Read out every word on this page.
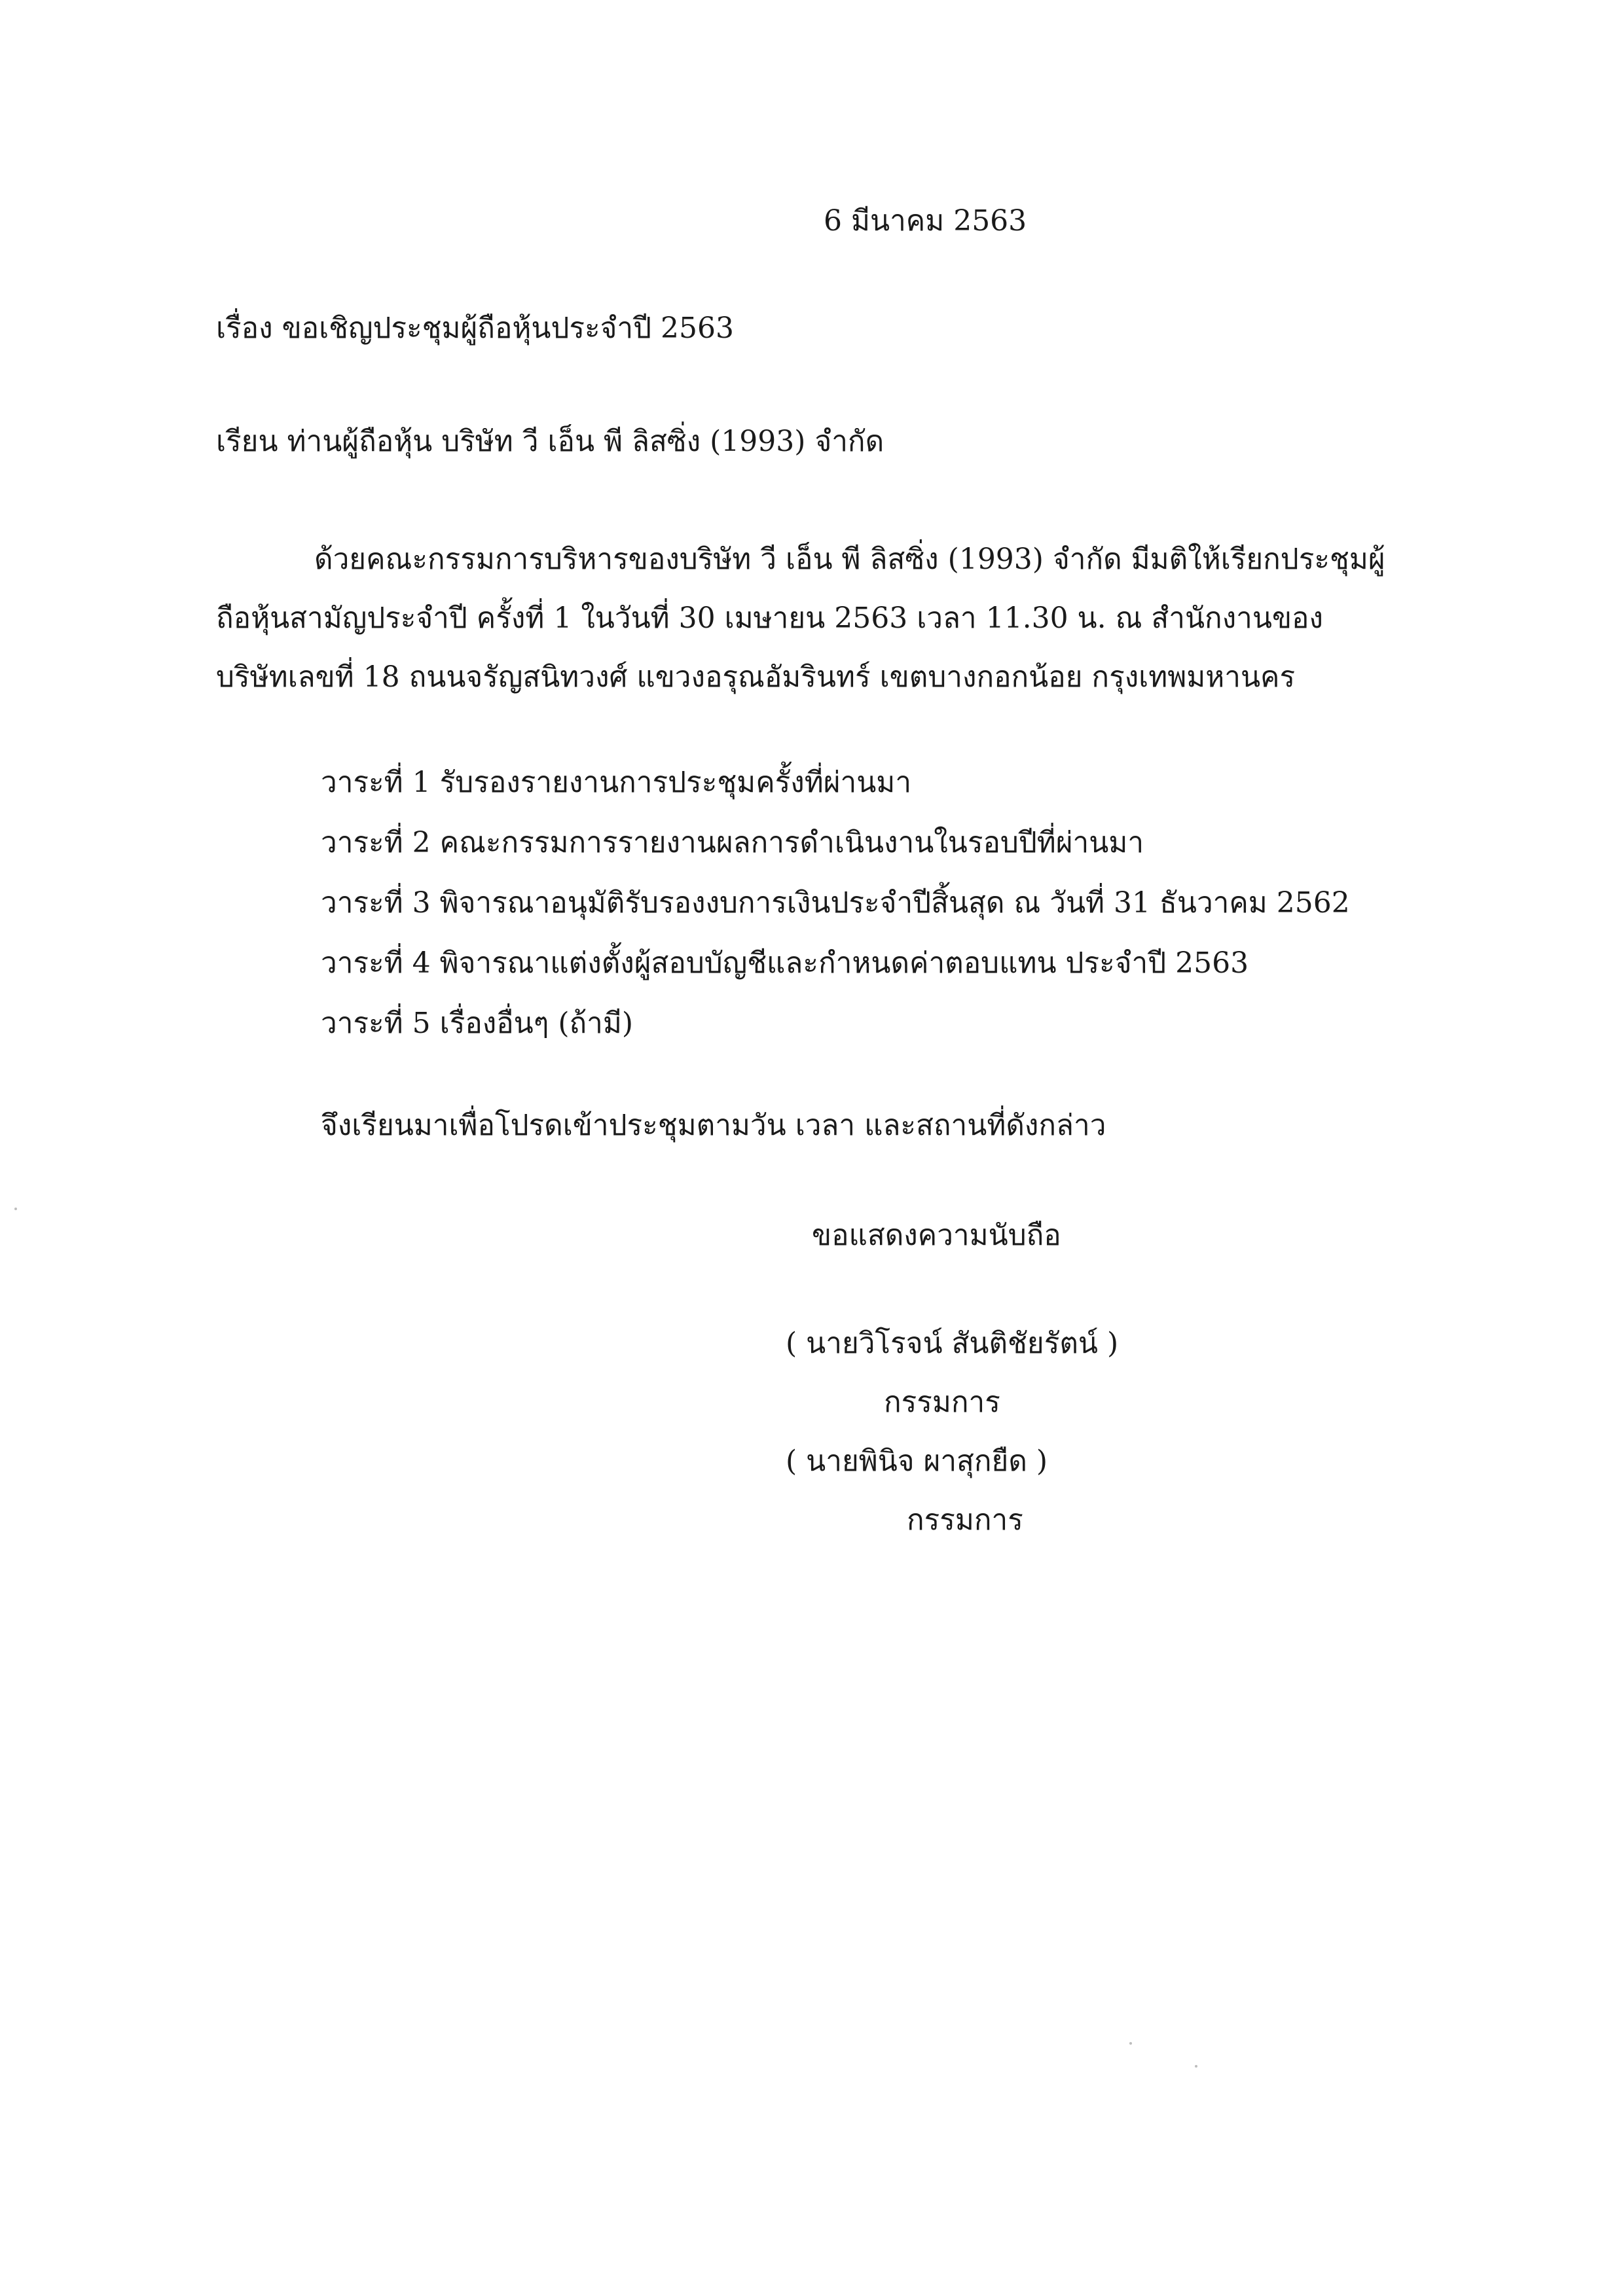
6 มีนาคม 2563
เรื่อง ขอเชิญประชุมผู้ถือหุ้นประจำปี 2563
เรียน ท่านผู้ถือหุ้น บริษัท วี เอ็น พี ลิสซิ่ง (1993) จำกัด
ด้วยคณะกรรมการบริหารของบริษัท วี เอ็น พี ลิสซิ่ง (1993) จำกัด มีมติให้เรียกประชุมผู้
ถือหุ้นสามัญประจำปี ครั้งที่ 1 ในวันที่ 30 เมษายน 2563 เวลา 11.30 น. ณ สำนักงานของ
บริษัทเลขที่ 18 ถนนจรัญสนิทวงศ์ แขวงอรุณอัมรินทร์ เขตบางกอกน้อย กรุงเทพมหานคร
วาระที่ 1 รับรองรายงานการประชุมครั้งที่ผ่านมา
วาระที่ 2 คณะกรรมการรายงานผลการดำเนินงานในรอบปีที่ผ่านมา
วาระที่ 3 พิจารณาอนุมัติรับรองงบการเงินประจำปีสิ้นสุด ณ วันที่ 31 ธันวาคม 2562
วาระที่ 4 พิจารณาแต่งตั้งผู้สอบบัญชีและกำหนดค่าตอบแทน ประจำปี 2563
วาระที่ 5 เรื่องอื่นๆ (ถ้ามี)
จึงเรียนมาเพื่อโปรดเข้าประชุมตามวัน เวลา และสถานที่ดังกล่าว
ขอแสดงความนับถือ
( นายวิโรจน์ สันติชัยรัตน์ )
กรรมการ
( นายพินิจ ผาสุกยืด )
กรรมการ
